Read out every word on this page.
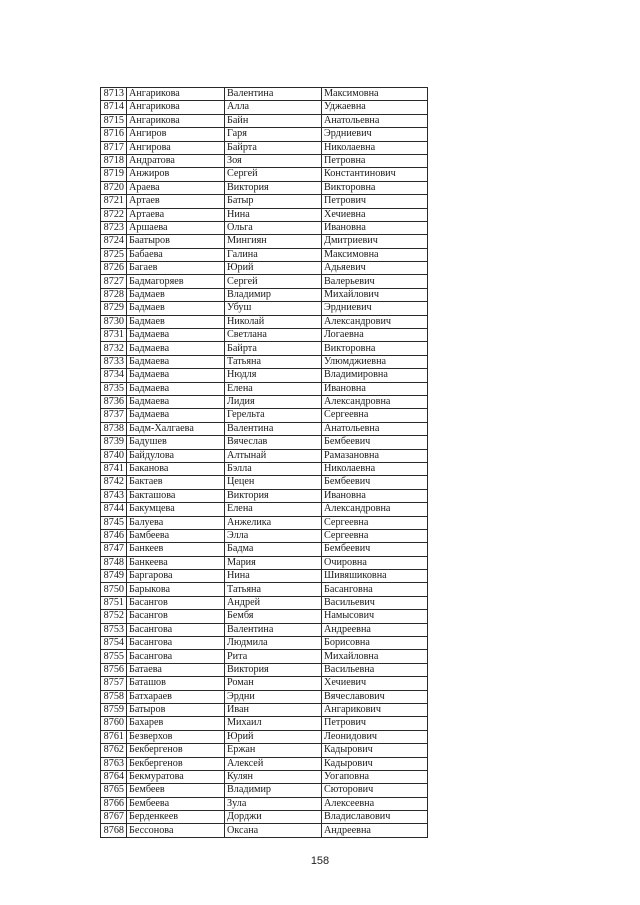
8713	Ангарикова	Валентина	Максимовна
8714	Ангарикова	Алла	Уджаевна
8715	Ангарикова	Байн	Анатольевна
8716	Ангиров	Гаря	Эрдниевич
8717	Ангирова	Байрта	Николаевна
8718	Андратова	Зоя	Петровна
8719	Анжиров	Сергей	Константинович
8720	Араева	Виктория	Викторовна
8721	Артаев	Батыр	Петрович
8722	Артаева	Нина	Хечиевна
8723	Аршаева	Ольга	Ивановна
8724	Баатыров	Мингиян	Дмитриевич
8725	Бабаева	Галина	Максимовна
8726	Багаев	Юрий	Адьяевич
8727	Бадмагоряев	Сергей	Валерьевич
8728	Бадмаев	Владимир	Михайлович
8729	Бадмаев	Убуш	Эрдниевич
8730	Бадмаев	Николай	Александрович
8731	Бадмаева	Светлана	Логаевна
8732	Бадмаева	Байрта	Викторовна
8733	Бадмаева	Татьяна	Улюмджиевна
8734	Бадмаева	Нюдля	Владимировна
8735	Бадмаева	Елена	Ивановна
8736	Бадмаева	Лидия	Александровна
8737	Бадмаева	Герельта	Сергеевна
8738	Бадм-Халгаева	Валентина	Анатольевна
8739	Бадушев	Вячеслав	Бембеевич
8740	Байдулова	Алтынай	Рамазановна
8741	Баканова	Бэлла	Николаевна
8742	Бактаев	Цецен	Бембеевич
8743	Бакташова	Виктория	Ивановна
8744	Бакумцева	Елена	Александровна
8745	Балуева	Анжелика	Сергеевна
8746	Бамбеева	Элла	Сергеевна
8747	Банкеев	Бадма	Бембеевич
8748	Банкеева	Мария	Очировна
8749	Баргарова	Нина	Шивяшиковна
8750	Барыкова	Татьяна	Басанговна
8751	Басангов	Андрей	Васильевич
8752	Басангов	Бембя	Намысович
8753	Басангова	Валентина	Андреевна
8754	Басангова	Людмила	Борисовна
8755	Басангова	Рита	Михайловна
8756	Батаева	Виктория	Васильевна
8757	Баташов	Роман	Хечиевич
8758	Батхараев	Эрдни	Вячеславович
8759	Батыров	Иван	Ангарикович
8760	Бахарев	Михаил	Петрович
8761	Безверхов	Юрий	Леонидович
8762	Бекбергенов	Ержан	Кадырович
8763	Бекбергенов	Алексей	Кадырович
8764	Бекмуратова	Кулян	Уогаповна
8765	Бембеев	Владимир	Сюторович
8766	Бембеева	Зула	Алексеевна
8767	Берденкеев	Дорджи	Владиславович
8768	Бессонова	Оксана	Андреевна
158
